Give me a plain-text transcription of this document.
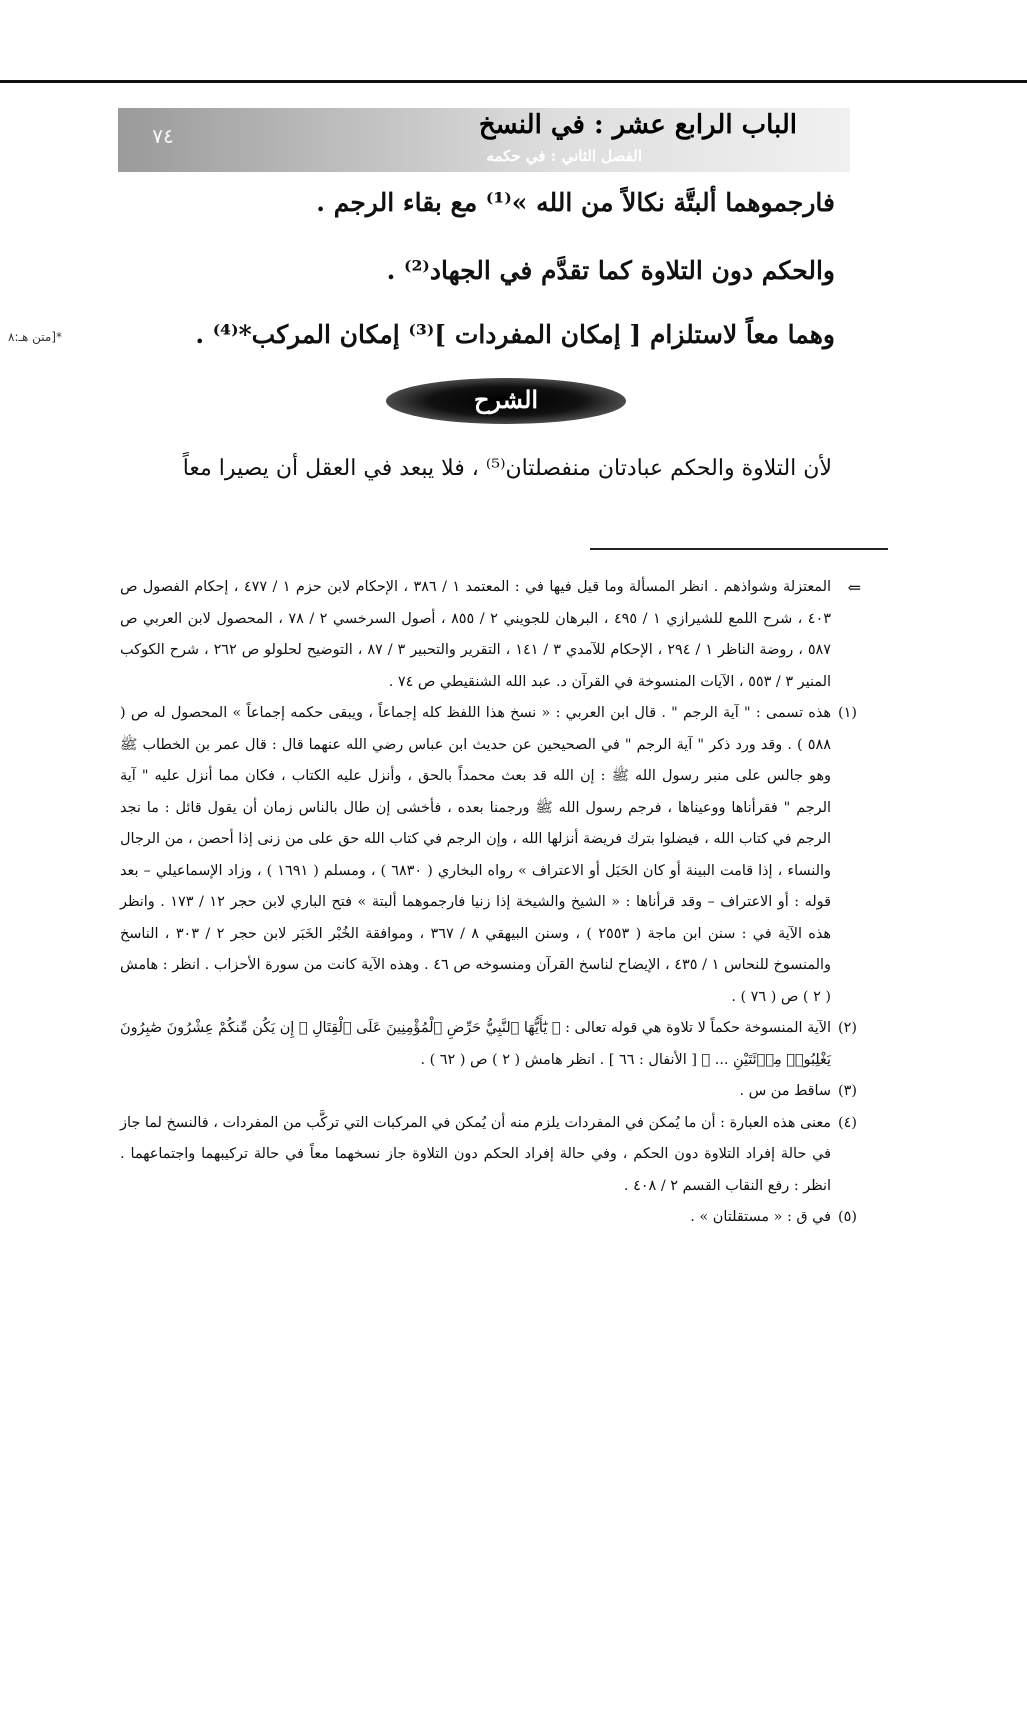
٧٤	الباب الرابع عشر : في النسخ
الفصل الثاني : في حكمه
فارجموهما ألبتَّة نكالاً من الله »⁽¹⁾ مع بقاء الرجم .
والحكم دون التلاوة كما تقدَّم في الجهاد⁽²⁾ .
وهما معاً لاستلزام [ إمكان المفردات ]⁽³⁾ إمكان المركب*⁽⁴⁾ .
*[متن هـ:٨
الشرح
لأن التلاوة والحكم عبادتان منفصلتان⁽⁵⁾ ، فلا يبعد في العقل أن يصيرا معاً
⇐
المعتزلة وشواذهم . انظر المسألة وما قيل فيها في : المعتمد ١ / ٣٨٦ ، الإحكام لابن حزم ١ / ٤٧٧ ، إحكام الفصول ص ٤٠٣ ، شرح اللمع للشيرازي ١ / ٤٩٥ ، البرهان للجويني ٢ / ٨٥٥ ، أصول السرخسي ٢ / ٧٨ ، المحصول لابن العربي ص ٥٨٧ ، روضة الناظر ١ / ٢٩٤ ، الإحكام للآمدي ٣ / ١٤١ ، التقرير والتحبير ٣ / ٨٧ ، التوضيح لحلولو ص ٢٦٢ ، شرح الكوكب المنير ٣ / ٥٥٣ ، الآيات المنسوخة في القرآن د. عبد الله الشنقيطي ص ٧٤ .
(١)
هذه تسمى : " آية الرجم " . قال ابن العربي : « نسخ هذا اللفظ كله إجماعاً ، ويبقى حكمه إجماعاً » المحصول له ص ( ٥٨٨ ) . وقد ورد ذكر " آية الرجم " في الصحيحين عن حديث ابن عباس رضي الله عنهما قال : قال عمر بن الخطاب ﷺ وهو جالس على منبر رسول الله ﷺ : إن الله قد بعث محمداً بالحق ، وأنزل عليه الكتاب ، فكان مما أنزل عليه " آية الرجم " فقرأناها ووعيناها ، فرجم رسول الله ﷺ ورجمنا بعده ، فأخشى إن طال بالناس زمان أن يقول قائل : ما نجد الرجم في كتاب الله ، فيضلوا بترك فريضة أنزلها الله ، وإن الرجم في كتاب الله حق على من زنى إذا أحصن ، من الرجال والنساء ، إذا قامت البينة أو كان الحَبَل أو الاعتراف » رواه البخاري ( ٦٨٣٠ ) ، ومسلم ( ١٦٩١ ) ، وزاد الإسماعيلي – بعد قوله : أو الاعتراف – وقد قرأناها : « الشيخ والشيخة إذا زنيا فارجموهما ألبتة » فتح الباري لابن حجر ١٢ / ١٧٣ . وانظر هذه الآية في : سنن ابن ماجة ( ٢٥٥٣ ) ، وسنن البيهقي ٨ / ٣٦٧ ، وموافقة الخُبْر الخَبَر لابن حجر ٢ / ٣٠٣ ، الناسخ والمنسوخ للنحاس ١ / ٤٣٥ ، الإيضاح لناسخ القرآن ومنسوخه ص ٤٦ . وهذه الآية كانت من سورة الأحزاب . انظر : هامش ( ٢ ) ص ( ٧٦ ) .
(٢)
الآية المنسوخة حكماً لا تلاوة هي قوله تعالى : ﴿ يَٰٓأَيُّهَا ٱلنَّبِيُّ حَرِّضِ ٱلْمُؤْمِنِينَ عَلَى ٱلْقِتَالِ ۚ إِن يَكُن مِّنكُمْ عِشْرُونَ صَٰبِرُونَ يَغْلِبُوا۟ مِا۟ئَتَيْنِ ... ﴾ [ الأنفال : ٦٦ ] . انظر هامش ( ٢ ) ص ( ٦٢ ) .
(٣)
ساقط من س .
(٤)
معنى هذه العبارة : أن ما يُمكن في المفردات يلزم منه أن يُمكن في المركبات التي تركَّب من المفردات ، فالنسخ لما جاز في حالة إفراد التلاوة دون الحكم ، وفي حالة إفراد الحكم دون التلاوة جاز نسخهما معاً في حالة تركيبهما واجتماعهما . انظر : رفع النقاب القسم ٢ / ٤٠٨ .
(٥)
في ق : « مستقلتان » .
